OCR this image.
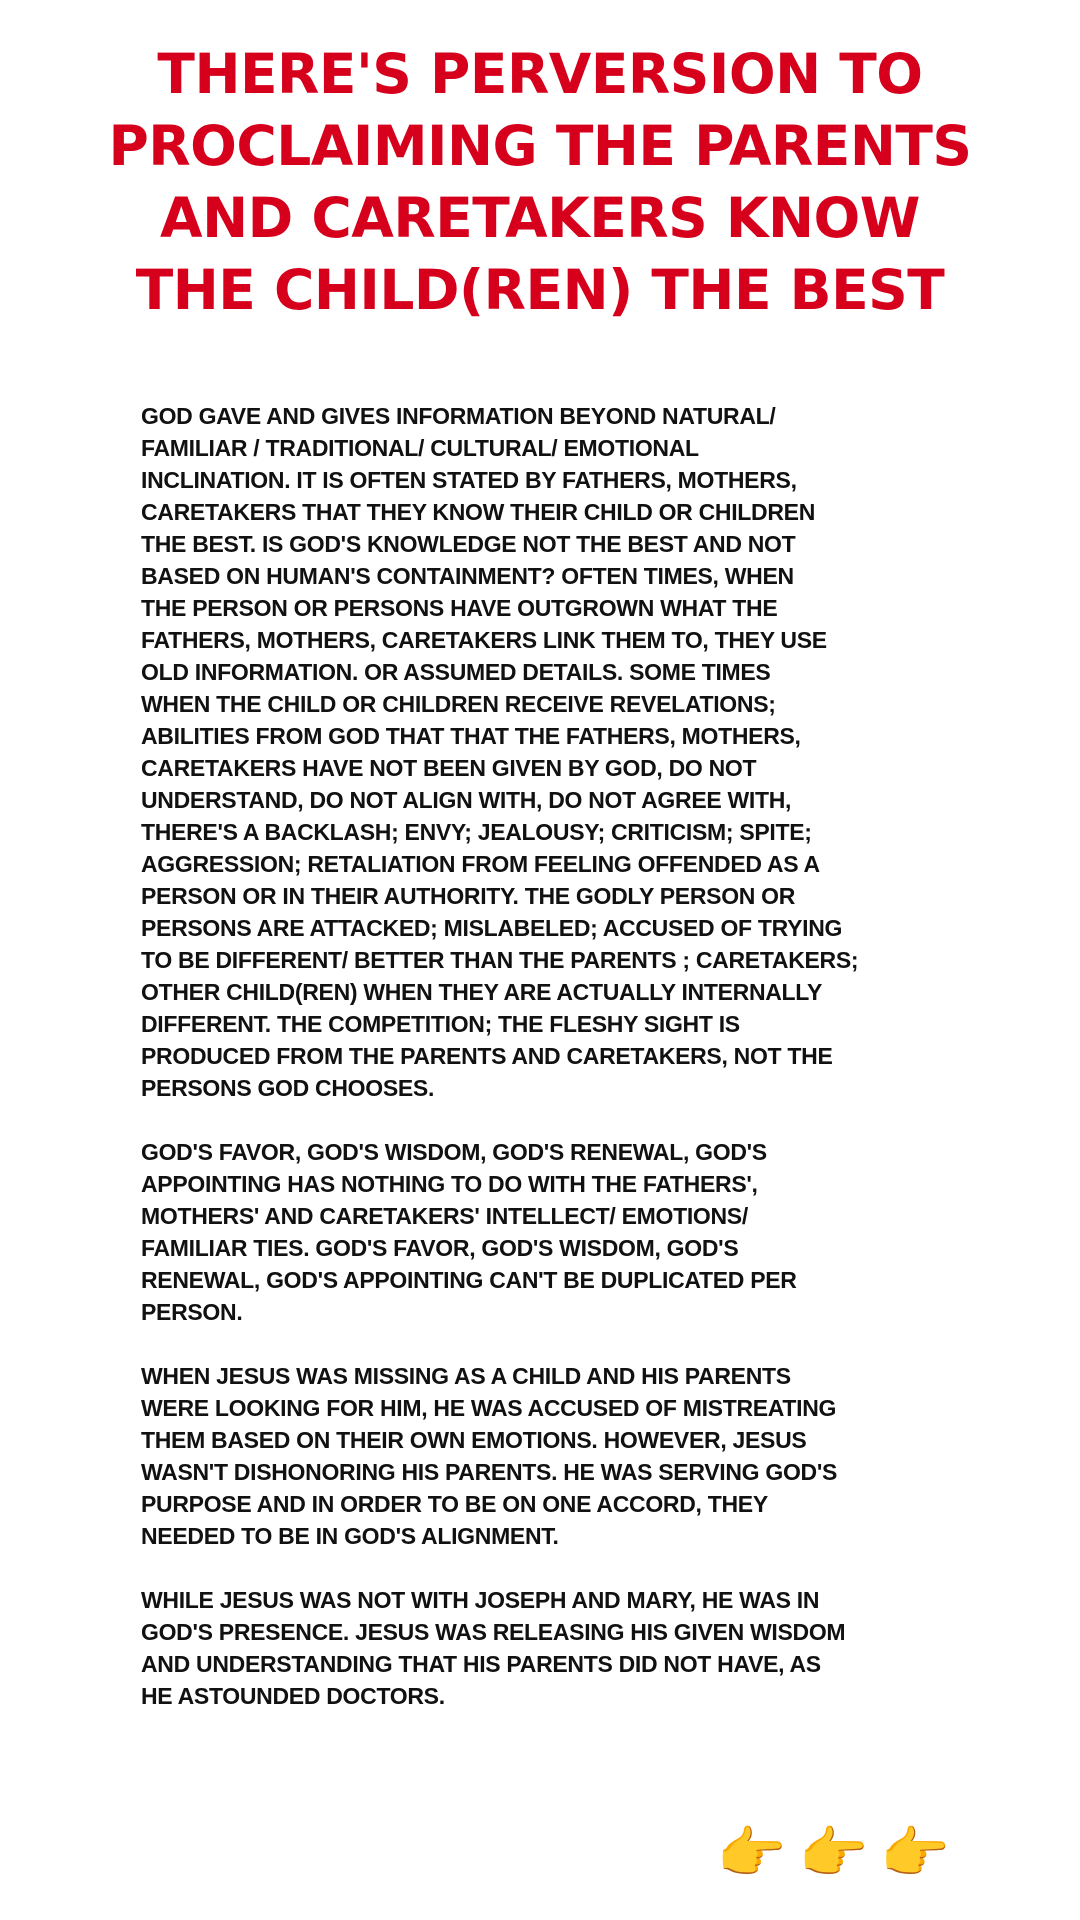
THERE'S PERVERSION TO
PROCLAIMING THE PARENTS
AND CARETAKERS KNOW
THE CHILD(REN) THE BEST

GOD GAVE AND GIVES INFORMATION BEYOND NATURAL/
FAMILIAR / TRADITIONAL/ CULTURAL/ EMOTIONAL
INCLINATION. IT IS OFTEN STATED BY FATHERS, MOTHERS,
CARETAKERS THAT THEY KNOW THEIR CHILD OR CHILDREN
THE BEST. IS GOD'S KNOWLEDGE NOT THE BEST AND NOT
BASED ON HUMAN'S CONTAINMENT? OFTEN TIMES, WHEN
THE PERSON OR PERSONS HAVE OUTGROWN WHAT THE
FATHERS, MOTHERS, CARETAKERS LINK THEM TO, THEY USE
OLD INFORMATION. OR ASSUMED DETAILS. SOME TIMES
WHEN THE CHILD OR CHILDREN RECEIVE REVELATIONS;
ABILITIES FROM GOD THAT THAT THE FATHERS, MOTHERS,
CARETAKERS HAVE NOT BEEN GIVEN BY GOD, DO NOT
UNDERSTAND, DO NOT ALIGN WITH, DO NOT AGREE WITH,
THERE'S A BACKLASH; ENVY; JEALOUSY; CRITICISM; SPITE;
AGGRESSION; RETALIATION FROM FEELING OFFENDED AS A
PERSON OR IN THEIR AUTHORITY. THE GODLY PERSON OR
PERSONS ARE ATTACKED; MISLABELED; ACCUSED OF TRYING
TO BE DIFFERENT/ BETTER THAN THE PARENTS ; CARETAKERS;
OTHER CHILD(REN) WHEN THEY ARE ACTUALLY INTERNALLY
DIFFERENT. THE COMPETITION; THE FLESHY SIGHT IS
PRODUCED FROM THE PARENTS AND CARETAKERS, NOT THE
PERSONS GOD CHOOSES.

GOD'S FAVOR, GOD'S WISDOM, GOD'S RENEWAL, GOD'S
APPOINTING HAS NOTHING TO DO WITH THE FATHERS',
MOTHERS' AND CARETAKERS' INTELLECT/ EMOTIONS/
FAMILIAR TIES. GOD'S FAVOR, GOD'S WISDOM, GOD'S
RENEWAL, GOD'S APPOINTING CAN'T BE DUPLICATED PER
PERSON.

WHEN JESUS WAS MISSING AS A CHILD AND HIS PARENTS
WERE LOOKING FOR HIM, HE WAS ACCUSED OF MISTREATING
THEM BASED ON THEIR OWN EMOTIONS. HOWEVER, JESUS
WASN'T DISHONORING HIS PARENTS. HE WAS SERVING GOD'S
PURPOSE AND IN ORDER TO BE ON ONE ACCORD, THEY
NEEDED TO BE IN GOD'S ALIGNMENT.

WHILE JESUS WAS NOT WITH JOSEPH AND MARY, HE WAS IN
GOD'S PRESENCE. JESUS WAS RELEASING HIS GIVEN WISDOM
AND UNDERSTANDING THAT HIS PARENTS DID NOT HAVE, AS
HE ASTOUNDED DOCTORS.

👉👉👉
